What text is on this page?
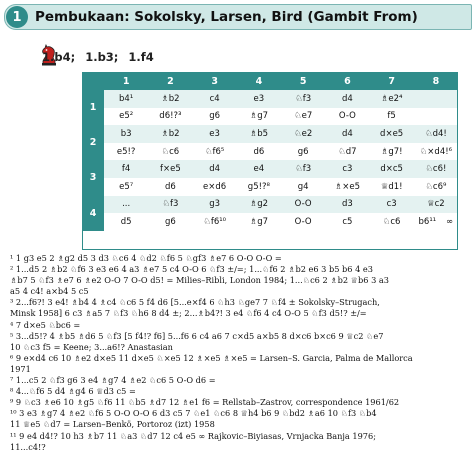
1 Pembukaan: Sokolsky, Larsen, Bird (Gambit From)
1.b4; 1.b3; 1.f4
	1	2	3	4	5	6	7	8
1	b4¹	♗b2	c4	e3	♘f3	d4	♗e2⁴	
	e5²	d6!?³	g6	♗g7	♘e7	O-O	f5	
2	b3	♗b2	e3	♗b5	♘e2	d4	d×e5	♘d4!
	e5!?	♘c6	♘f6⁵	d6	g6	♘d7	♗g7!	♘×d4!⁶
3	f4	f×e5	d4	e4	♘f3	c3	d×c5	♘c6!
	e5⁷	d6	e×d6	g5!?⁸	g4	♗×e5	♕d1!	♘c6⁹
4	...	♘f3	g3	♗g2	O-O	d3	c3	♕c2
	d5	g6	♘f6¹⁰	♗g7	O-O	c5	♘c6	b6¹¹ ∞
¹ 1 g3 e5 2 ♗g2 d5 3 d3 ♘c6 4 ♘d2 ♘f6 5 ♘gf3 ♗e7 6 O-O O-O =
² 1...d5 2 ♗b2 ♘f6 3 e3 e6 4 a3 ♗e7 5 c4 O-O 6 ♘f3 ±/=; 1...♘f6 2 ♗b2 e6 3 b5 b6 4 e3
♗b7 5 ♘f3 ♗e7 6 ♗e2 O-O 7 O-O d5! = Milies–Ribli, London 1984; 1...♘c6 2 ♗b2 ♕b6 3 a3
a5 4 c4! a×b4 5 c5
³ 2...f6?! 3 e4! ♗b4 4 ♗c4 ♘c6 5 f4 d6 [5...e×f4 6 ♘h3 ♘ge7 7 ♘f4 ± Sokolsky–Strugach,
Minsk 1958] 6 c3 ♗a5 7 ♘f3 ♘h6 8 d4 ±; 2...♗b4?! 3 e4 ♘f6 4 c4 O-O 5 ♘f3 d5!? ±/=
⁴ 7 d×e5 ♘bc6 =
⁵ 3...d5!? 4 ♗b5 ♗d6 5 ♘f3 [5 f4!? f6] 5...f6 6 c4 a6 7 c×d5 a×b5 8 d×c6 b×c6 9 ♕c2 ♘e7
10 ♘c3 f5 = Keene; 3...a6!? Anastasian
⁶ 9 e×d4 c6 10 ♗e2 d×e5 11 d×e5 ♘×e5 12 ♗×e5 ♗×e5 = Larsen–S. Garcia, Palma de Mallorca
1971
⁷ 1...c5 2 ♘f3 g6 3 e4 ♗g7 4 ♗e2 ♘c6 5 O-O d6 =
⁸ 4...♘f6 5 d4 ♗g4 6 ♕d3 c5 =
⁹ 9 ♘c3 ♗e6 10 ♗g5 ♘f6 11 ♘b5 ♗d7 12 ♗e1 f6 = Rellstab–Zastrov, correspondence 1961/62
¹⁰ 3 e3 ♗g7 4 ♗e2 ♘f6 5 O-O O-O 6 d3 c5 7 ♘e1 ♘c6 8 ♕h4 b6 9 ♘bd2 ♗a6 10 ♘f3 ♘b4
11 ♕e5 ♘d7 = Larsen–Benkö, Portoroz (izt) 1958
¹¹ 9 e4 d4!? 10 h3 ♗b7 11 ♘a3 ♘d7 12 c4 e5 ∞ Rajkovic–Biyiasas, Vrnjacka Banja 1976;
11...c4!?
